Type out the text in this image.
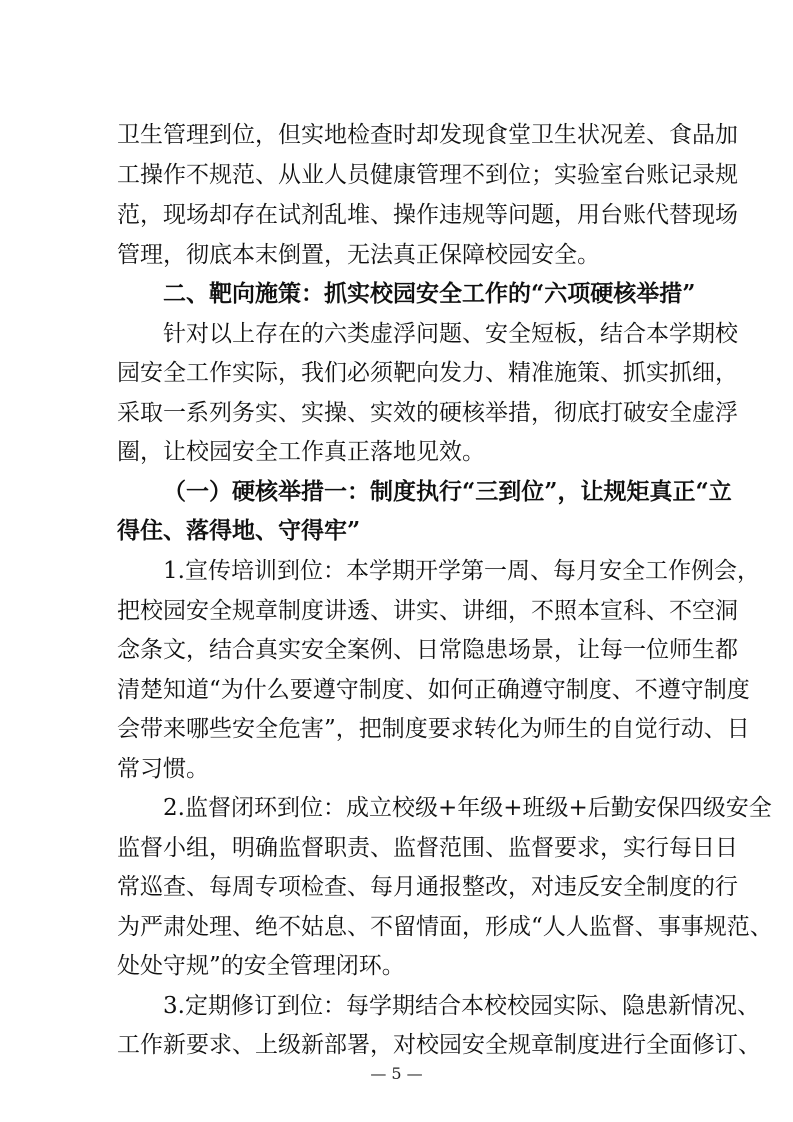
卫生管理到位，但实地检查时却发现食堂卫生状况差、食品加
工操作不规范、从业人员健康管理不到位；实验室台账记录规
范，现场却存在试剂乱堆、操作违规等问题，用台账代替现场
管理，彻底本末倒置，无法真正保障校园安全。
二、靶向施策：抓实校园安全工作的“六项硬核举措”
针对以上存在的六类虚浮问题、安全短板，结合本学期校
园安全工作实际，我们必须靶向发力、精准施策、抓实抓细，
采取一系列务实、实操、实效的硬核举措，彻底打破安全虚浮
圈，让校园安全工作真正落地见效。
（一）硬核举措一：制度执行“三到位”，让规矩真正“立
得住、落得地、守得牢”
1.宣传培训到位：本学期开学第一周、每月安全工作例会，
把校园安全规章制度讲透、讲实、讲细，不照本宣科、不空洞
念条文，结合真实安全案例、日常隐患场景，让每一位师生都
清楚知道“为什么要遵守制度、如何正确遵守制度、不遵守制度
会带来哪些安全危害”，把制度要求转化为师生的自觉行动、日
常习惯。
2.监督闭环到位：成立校级+年级+班级+后勤安保四级安全
监督小组，明确监督职责、监督范围、监督要求，实行每日日
常巡查、每周专项检查、每月通报整改，对违反安全制度的行
为严肃处理、绝不姑息、不留情面，形成“人人监督、事事规范、
处处守规”的安全管理闭环。
3.定期修订到位：每学期结合本校校园实际、隐患新情况、
— 5 —
工作新要求、上级新部署，对校园安全规章制度进行全面修订、
